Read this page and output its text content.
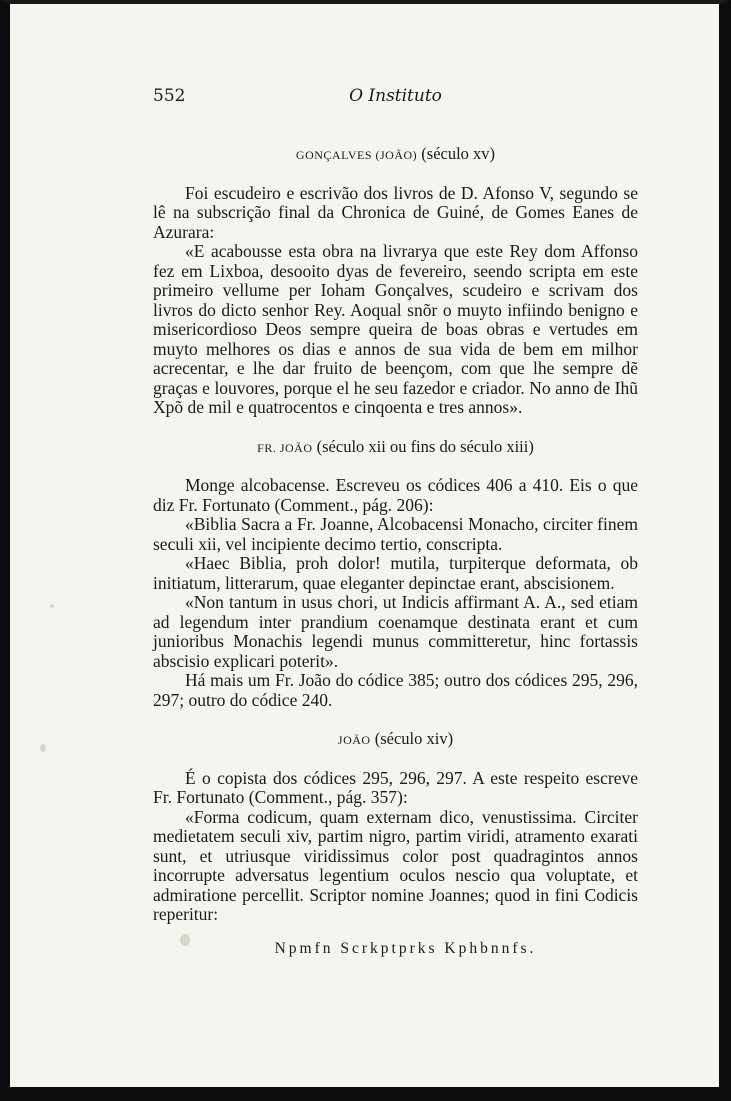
552	O Instituto
GONÇALVES (JOÃO) (século xv)

Foi escudeiro e escrivão dos livros de D. Afonso V, segundo se lê na subscrição final da Chronica de Guiné, de Gomes Eanes de Azurara:

«E acabousse esta obra na livrarya que este Rey dom Affonso fez em Lixboa, desooito dyas de fevereiro, seendo scripta em este primeiro vellume per Ioham Gonçalves, scudeiro e scrivam dos livros do dicto senhor Rey. Aoqual snõr o muyto infiindo benigno e misericordioso Deos sempre queira de boas obras e vertudes em muyto melhores os dias e annos de sua vida de bem em milhor acrecentar, e lhe dar fruito de beençom, com que lhe sempre dẽ graças e louvores, porque el he seu fazedor e criador. No anno de Ihũ Xpõ de mil e quatrocentos e cinqoenta e tres annos».

FR. JOÃO (século xii ou fins do século xiii)

Monge alcobacense. Escreveu os códices 406 a 410. Eis o que diz Fr. Fortunato (Comment., pág. 206):

«Biblia Sacra a Fr. Joanne, Alcobacensi Monacho, circiter finem seculi xii, vel incipiente decimo tertio, conscripta.

«Haec Biblia, proh dolor! mutila, turpiterque deformata, ob initiatum, litterarum, quae eleganter depinctae erant, abscisionem.

«Non tantum in usus chori, ut Indicis affirmant A. A., sed etiam ad legendum inter prandium coenamque destinata erant et cum junioribus Monachis legendi munus committeretur, hinc fortassis abscisio explicari poterit».

Há mais um Fr. João do códice 385; outro dos códices 295, 296, 297; outro do códice 240.

JOÃO (século xiv)

É o copista dos códices 295, 296, 297. A este respeito escreve Fr. Fortunato (Comment., pág. 357):

«Forma codicum, quam externam dico, venustissima. Circiter medietatem seculi xiv, partim nigro, partim viridi, atramento exarati sunt, et utriusque viridissimus color post quadragintos annos incorrupte adversatus legentium oculos nescio qua voluptate, et admiratione percellit. Scriptor nomine Joannes; quod in fini Codicis reperitur:

Npmfn Scrkptprks Kphbnnfs.
